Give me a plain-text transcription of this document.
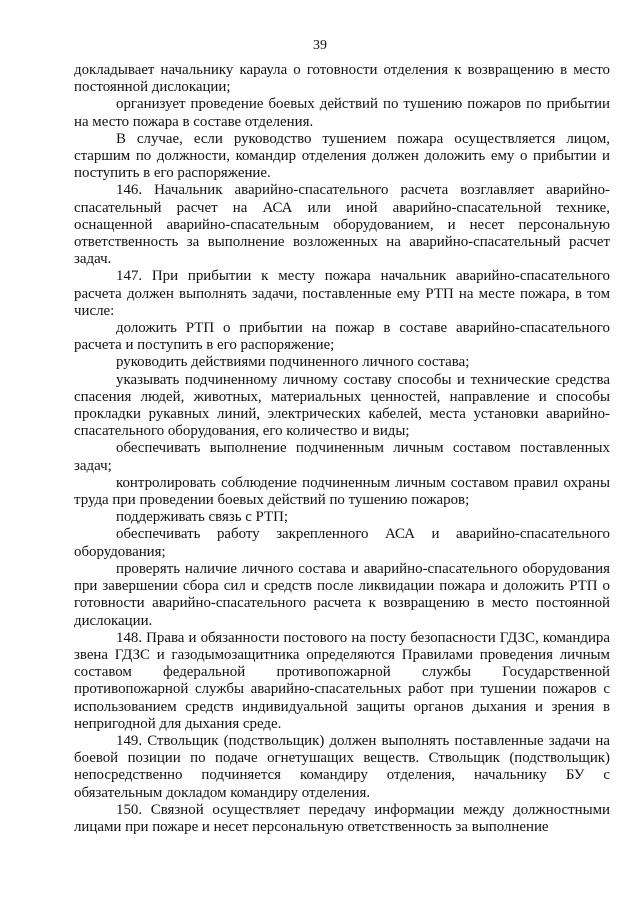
39

докладывает начальнику караула о готовности отделения к возвращению в место постоянной дислокации;

организует проведение боевых действий по тушению пожаров по прибытии на место пожара в составе отделения.

В случае, если руководство тушением пожара осуществляется лицом, старшим по должности, командир отделения должен доложить ему о прибытии и поступить в его распоряжение.

146. Начальник аварийно-спасательного расчета возглавляет аварийно-спасательный расчет на АСА или иной аварийно-спасательной технике, оснащенной аварийно-спасательным оборудованием, и несет персональную ответственность за выполнение возложенных на аварийно-спасательный расчет задач.

147. При прибытии к месту пожара начальник аварийно-спасательного расчета должен выполнять задачи, поставленные ему РТП на месте пожара, в том числе:

доложить РТП о прибытии на пожар в составе аварийно-спасательного расчета и поступить в его распоряжение;

руководить действиями подчиненного личного состава;

указывать подчиненному личному составу способы и технические средства спасения людей, животных, материальных ценностей, направление и способы прокладки рукавных линий, электрических кабелей, места установки аварийно-спасательного оборудования, его количество и виды;

обеспечивать выполнение подчиненным личным составом поставленных задач;

контролировать соблюдение подчиненным личным составом правил охраны труда при проведении боевых действий по тушению пожаров;

поддерживать связь с РТП;

обеспечивать работу закрепленного АСА и аварийно-спасательного оборудования;

проверять наличие личного состава и аварийно-спасательного оборудования при завершении сбора сил и средств после ликвидации пожара и доложить РТП о готовности аварийно-спасательного расчета к возвращению в место постоянной дислокации.

148. Права и обязанности постового на посту безопасности ГДЗС, командира звена ГДЗС и газодымозащитника определяются Правилами проведения личным составом федеральной противопожарной службы Государственной противопожарной службы аварийно-спасательных работ при тушении пожаров с использованием средств индивидуальной защиты органов дыхания и зрения в непригодной для дыхания среде.

149. Ствольщик (подствольщик) должен выполнять поставленные задачи на боевой позиции по подаче огнетушащих веществ. Ствольщик (подствольщик) непосредственно подчиняется командиру отделения, начальнику БУ с обязательным докладом командиру отделения.

150. Связной осуществляет передачу информации между должностными лицами при пожаре и несет персональную ответственность за выполнение
